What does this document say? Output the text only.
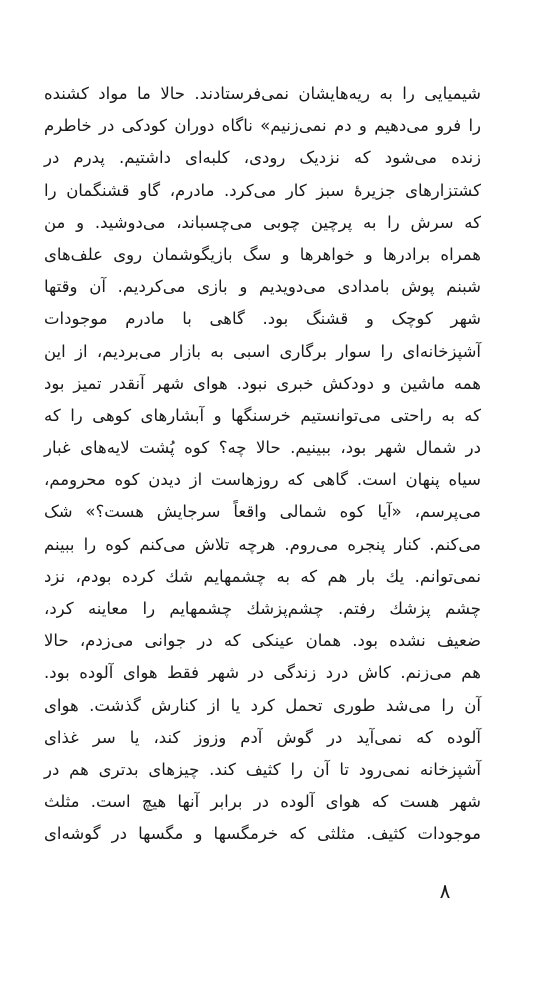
شیمیایی را به ریه‌هایشان نمی‌فرستادند. حالا ما مواد کشنده
را فرو می‌دهیم و دم نمی‌زنیم» ناگاه دوران کودکی در خاطرم
زنده می‌شود که نزدیک رودی، کلبه‌ای داشتیم. پدرم در
کشتزارهای جزیرهٔ سبز کار می‌کرد. مادرم، گاو قشنگمان را
که سرش را به پرچین چوبی می‌چسباند، می‌دوشید. و من
همراه برادرها و خواهرها و سگ بازیگوشمان روی علف‌های
شبنم پوش بامدادی می‌دویدیم و بازی می‌کردیم. آن وقتها
شهر کوچک و قشنگ بود. گاهی با مادرم موجودات
آشپزخانه‌ای را سوار برگاری اسبی به بازار می‌بردیم، از این
همه ماشین و دودکش خبری نبود. هوای شهر آنقدر تمیز بود
که به راحتی می‌توانستیم خرسنگها و آبشارهای کوهی را که
در شمال شهر بود، ببینیم. حالا چه؟ کوه پُشت لایه‌های غبار
سیاه پنهان است. گاهی که روزهاست از دیدن کوه محرومم،
می‌پرسم، «آیا کوه شمالی واقعاً سرجایش هست؟» شک
می‌کنم. کنار پنجره می‌روم. هرچه تلاش می‌کنم کوه را ببینم
نمی‌توانم. یك بار هم که به چشمهایم شك کرده بودم، نزد
چشم پزشك رفتم. چشم‌پزشك چشمهایم را معاینه کرد،
ضعیف نشده بود. همان عینکی که در جوانی می‌زدم، حالا
هم می‌زنم. کاش درد زندگی در شهر فقط هوای آلوده بود.
آن را می‌شد طوری تحمل کرد یا از کنارش گذشت. هوای
آلوده که نمی‌آید در گوش آدم وزوز کند، یا سر غذای
آشپزخانه نمی‌رود تا آن را کثیف کند. چیزهای بدتری هم در
شهر هست که هوای آلوده در برابر آنها هیچ است. مثلث
موجودات کثیف. مثلثی که خرمگسها و مگسها در گوشه‌ای
۸
